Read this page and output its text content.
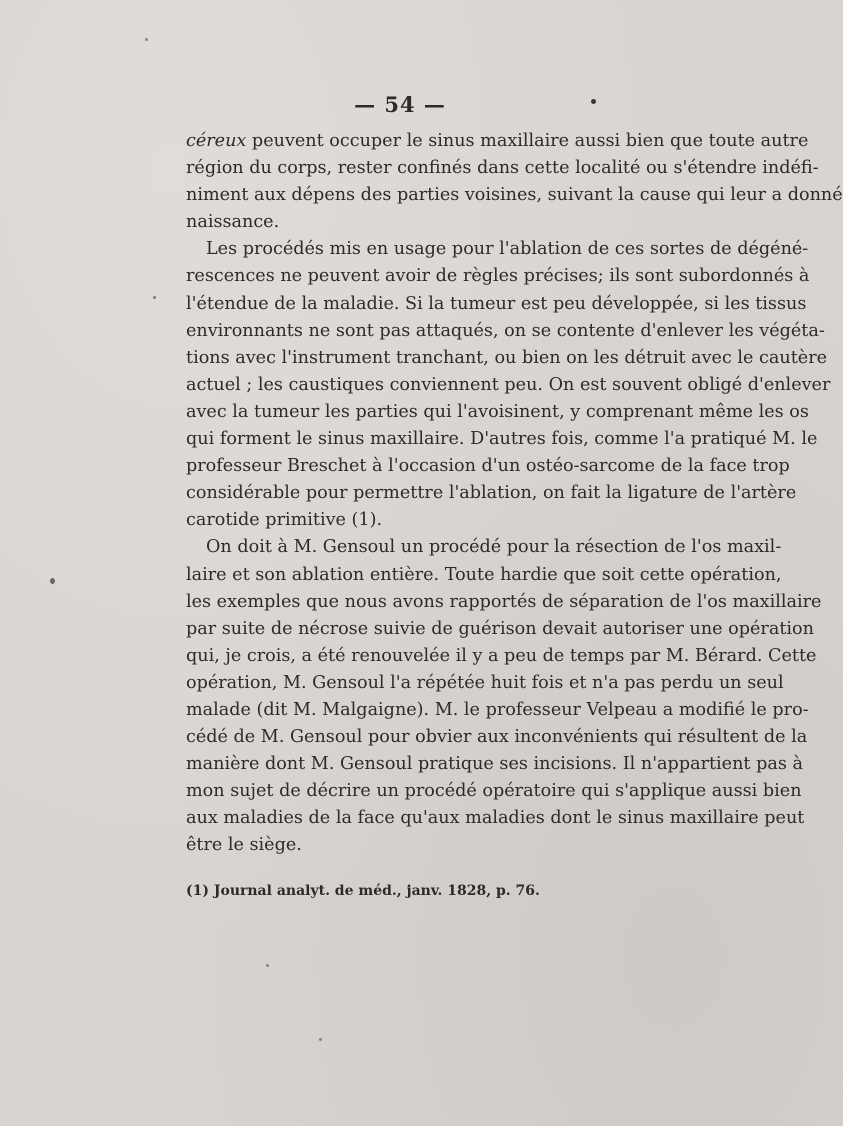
— 54 —
céreux peuvent occuper le sinus maxillaire aussi bien que toute autre
région du corps, rester confinés dans cette localité ou s'étendre indéfi-
niment aux dépens des parties voisines, suivant la cause qui leur a donné
naissance.
Les procédés mis en usage pour l'ablation de ces sortes de dégéné-
rescences ne peuvent avoir de règles précises; ils sont subordonnés à
l'étendue de la maladie. Si la tumeur est peu développée, si les tissus
environnants ne sont pas attaqués, on se contente d'enlever les végéta-
tions avec l'instrument tranchant, ou bien on les détruit avec le cautère
actuel ; les caustiques conviennent peu. On est souvent obligé d'enlever
avec la tumeur les parties qui l'avoisinent, y comprenant même les os
qui forment le sinus maxillaire. D'autres fois, comme l'a pratiqué M. le
professeur Breschet à l'occasion d'un ostéo-sarcome de la face trop
considérable pour permettre l'ablation, on fait la ligature de l'artère
carotide primitive (1).
On doit à M. Gensoul un procédé pour la résection de l'os maxil-
laire et son ablation entière. Toute hardie que soit cette opération,
les exemples que nous avons rapportés de séparation de l'os maxillaire
par suite de nécrose suivie de guérison devait autoriser une opération
qui, je crois, a été renouvelée il y a peu de temps par M. Bérard. Cette
opération, M. Gensoul l'a répétée huit fois et n'a pas perdu un seul
malade (dit M. Malgaigne). M. le professeur Velpeau a modifié le pro-
cédé de M. Gensoul pour obvier aux inconvénients qui résultent de la
manière dont M. Gensoul pratique ses incisions. Il n'appartient pas à
mon sujet de décrire un procédé opératoire qui s'applique aussi bien
aux maladies de la face qu'aux maladies dont le sinus maxillaire peut
être le siège.
(1) Journal analyt. de méd., janv. 1828, p. 76.
